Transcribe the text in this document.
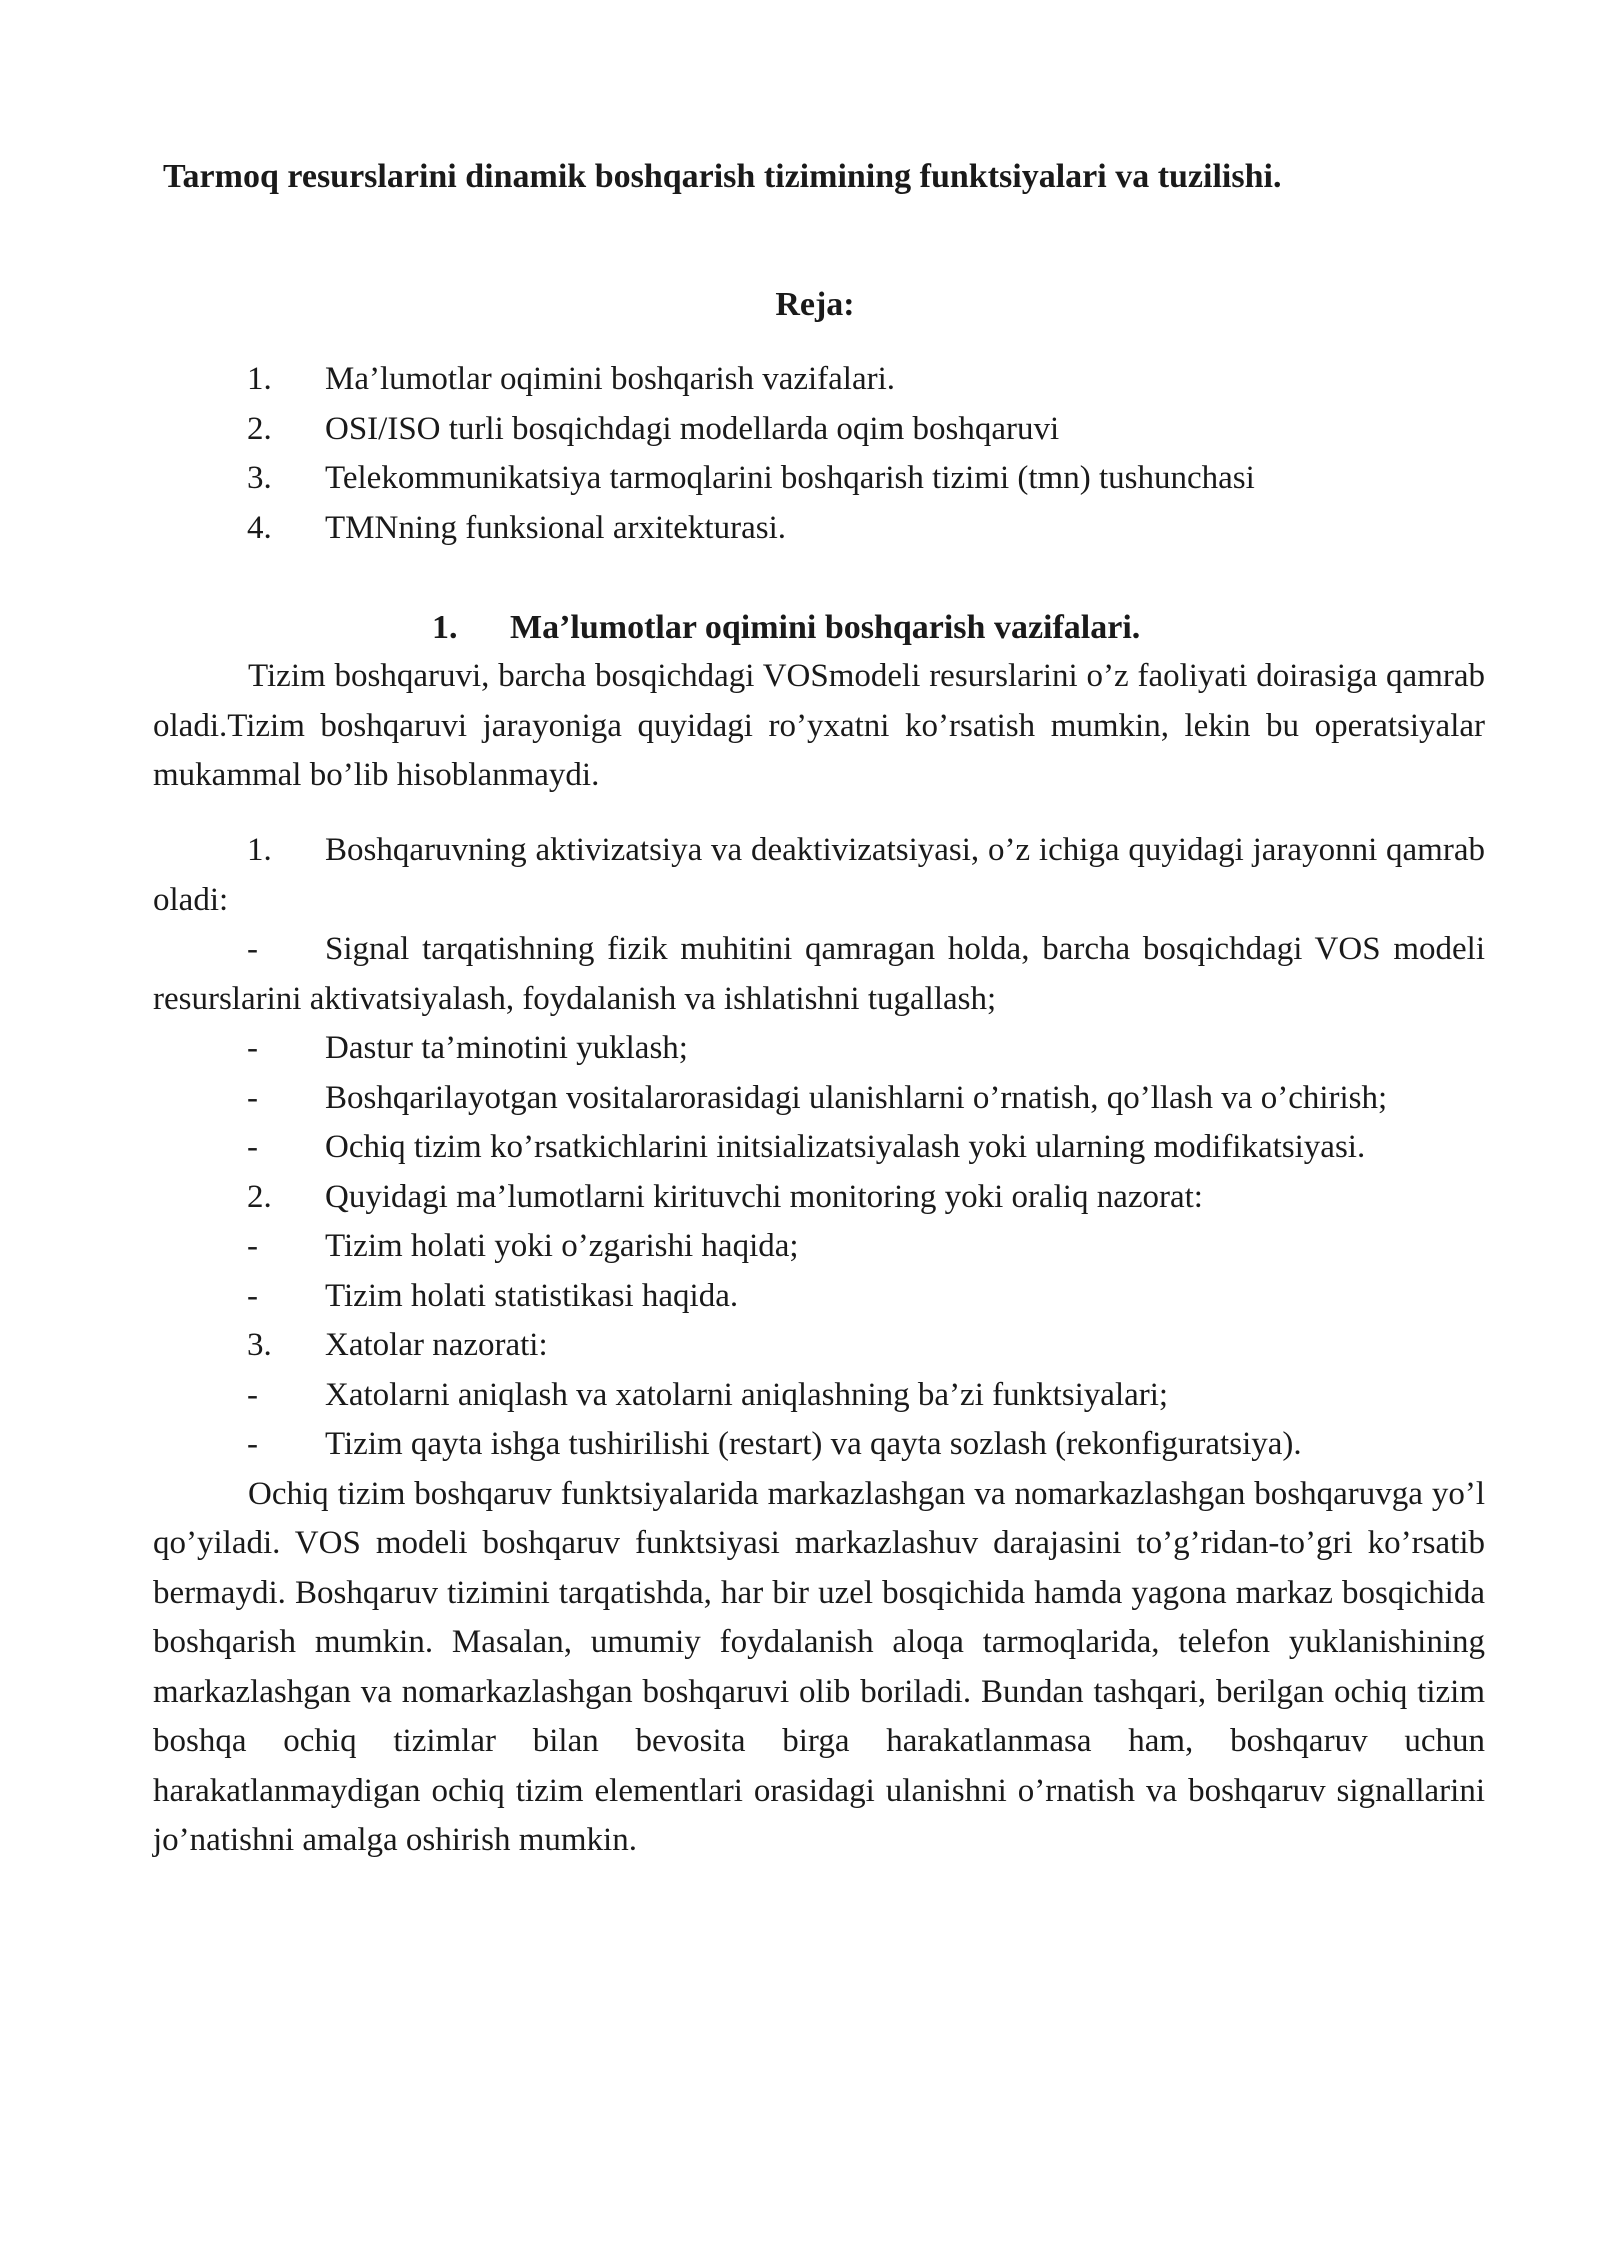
Tarmoq resurslarini dinamik boshqarish tizimining funktsiyalari va tuzilishi.
Reja:
1. Ma’lumotlar oqimini boshqarish vazifalari.
2. OSI/ISO turli bosqichdagi modellarda oqim boshqaruvi
3. Telekommunikatsiya tarmoqlarini boshqarish tizimi (tmn) tushunchasi
4. TMNning funksional arxitekturasi.
1. Ma’lumotlar oqimini boshqarish vazifalari.

Tizim boshqaruvi, barcha bosqichdagi VOSmodeli resurslarini o’z faoliyati doirasiga qamrab oladi.Tizim boshqaruvi jarayoniga quyidagi ro’yxatni ko’rsatish mumkin, lekin bu operatsiyalar mukammal bo’lib hisoblanmaydi.

1.	Boshqaruvning aktivizatsiya va deaktivizatsiyasi, o’z ichiga quyidagi jarayonni qamrab oladi:
-	Signal tarqatishning fizik muhitini qamragan holda, barcha bosqichdagi VOS modeli resurslarini aktivatsiyalash, foydalanish va ishlatishni tugallash;
-	Dastur ta’minotini yuklash;
-	Boshqarilayotgan vositalarorasidagi ulanishlarni o’rnatish, qo’llash va o’chirish;
-	Ochiq tizim ko’rsatkichlarini initsializatsiyalash yoki ularning modifikatsiyasi.
2.	Quyidagi ma’lumotlarni kirituvchi monitoring yoki oraliq nazorat:
-	Tizim holati yoki o’zgarishi haqida;
-	Tizim holati statistikasi haqida.
3.	Xatolar nazorati:
-	Xatolarni aniqlash va xatolarni aniqlashning ba’zi funktsiyalari;
-	Tizim qayta ishga tushirilishi (restart) va qayta sozlash (rekonfiguratsiya).

Ochiq tizim boshqaruv funktsiyalarida markazlashgan va nomarkazlashgan boshqaruvga yo’l qo’yiladi. VOS modeli boshqaruv funktsiyasi markazlashuv darajasini to’g’ridan-to’gri ko’rsatib bermaydi. Boshqaruv tizimini tarqatishda, har bir uzel bosqichida hamda yagona markaz bosqichida boshqarish mumkin. Masalan, umumiy foydalanish aloqa tarmoqlarida, telefon yuklanishining markazlashgan va nomarkazlashgan boshqaruvi olib boriladi. Bundan tashqari, berilgan ochiq tizim boshqa ochiq tizimlar bilan bevosita birga harakatlanmasa ham, boshqaruv uchun harakatlanmaydigan ochiq tizim elementlari orasidagi ulanishni o’rnatish va boshqaruv signallarini jo’natishni amalga oshirish mumkin.
